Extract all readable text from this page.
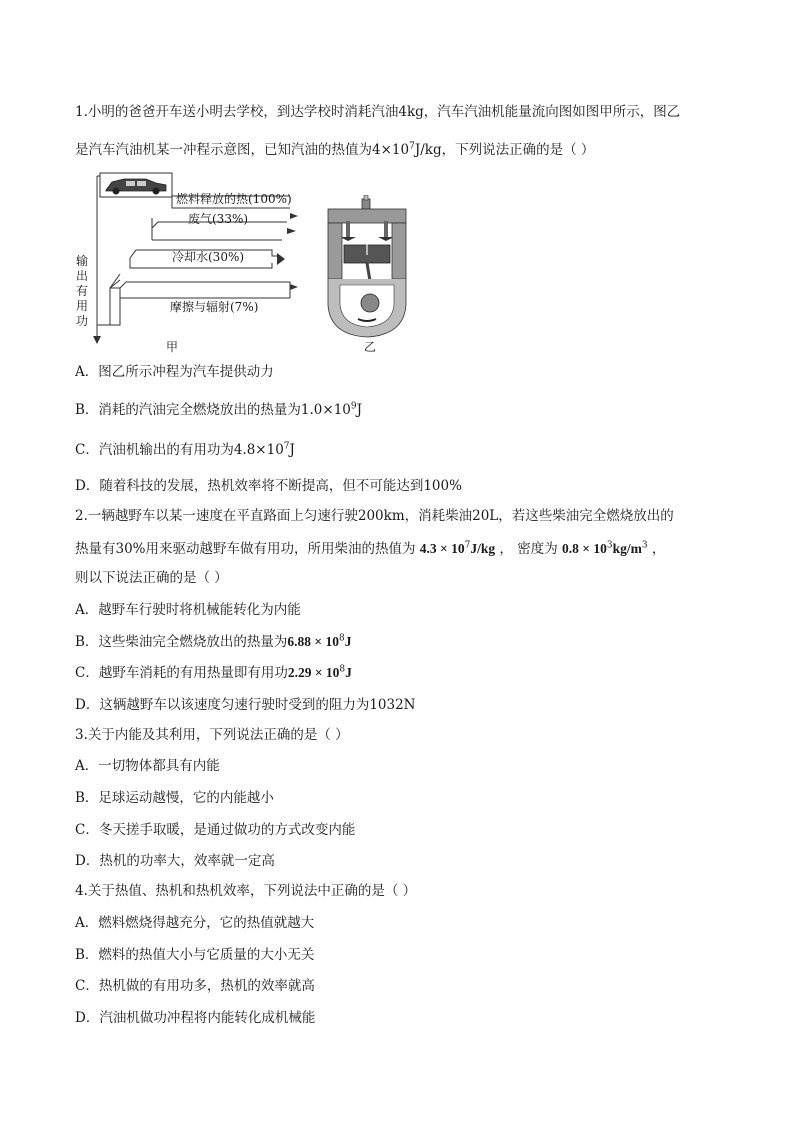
1.小明的爸爸开车送小明去学校，到达学校时消耗汽油4kg，汽车汽油机能量流向图如图甲所示，图乙
是汽车汽油机某一冲程示意图，已知汽油的热值为$4\times 10^7J/kg$，下列说法正确的是（ ）
燃料释放的热(100%)
废气(33%)
冷却水(30%)
摩擦与辐射(7%)
输
出
有
用
功
甲	乙
A．图乙所示冲程为汽车提供动力
B．消耗的汽油完全燃烧放出的热量为$1.0\times 10^9J$
C．汽油机输出的有用功为$4.8\times 10^7J$
D．随着科技的发展，热机效率将不断提高，但不可能达到100%
2.一辆越野车以某一速度在平直路面上匀速行驶200km，消耗柴油20L，若这些柴油完全燃烧放出的
热量有30%用来驱动越野车做有用功，所用柴油的热值为 $4.3 \times 10^7J/kg$ ， 密度为 $0.8 \times 10^3kg/m^3$ ，
则以下说法正确的是（ ）
A．越野车行驶时将机械能转化为内能
B．这些柴油完全燃烧放出的热量为$6.88 \times 10^8J$
C．越野车消耗的有用热量即有用功$2.29 \times 10^8J$
D．这辆越野车以该速度匀速行驶时受到的阻力为1032N
3.关于内能及其利用，下列说法正确的是（ ）
A．一切物体都具有内能
B．足球运动越慢，它的内能越小
C．冬天搓手取暖，是通过做功的方式改变内能
D．热机的功率大，效率就一定高
4.关于热值、热机和热机效率，下列说法中正确的是（ ）
A．燃料燃烧得越充分，它的热值就越大
B．燃料的热值大小与它质量的大小无关
C．热机做的有用功多，热机的效率就高
D．汽油机做功冲程将内能转化成机械能
